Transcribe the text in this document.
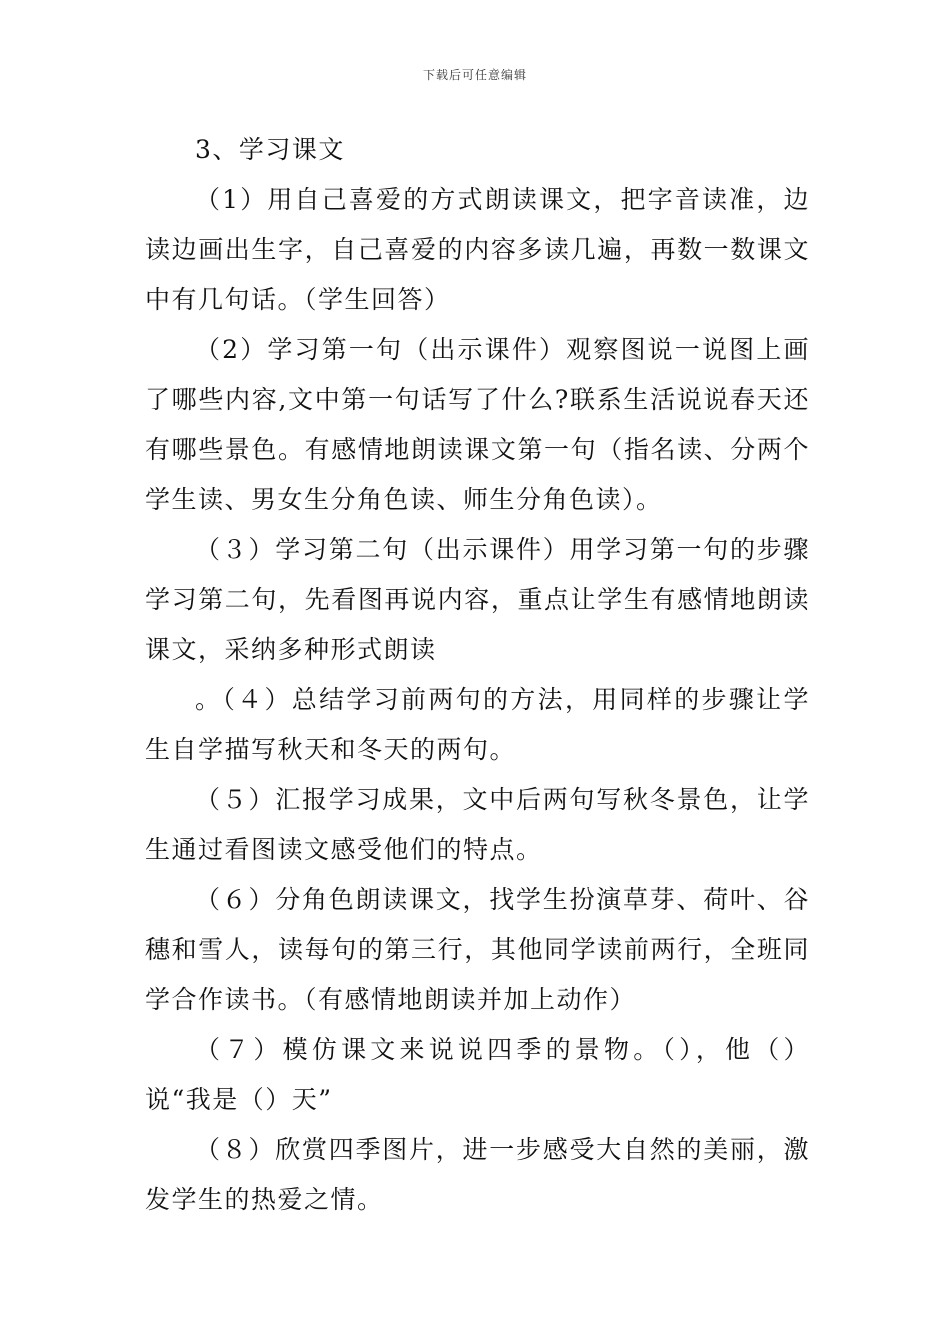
下载后可任意编辑

3、学习课文

（1）用自己喜爱的方式朗读课文，把字音读准，边读边画出生字，自己喜爱的内容多读几遍，再数一数课文中有几句话。（学生回答）

（2）学习第一句（出示课件）观察图说一说图上画了哪些内容,文中第一句话写了什么?联系生活说说春天还有哪些景色。有感情地朗读课文第一句（指名读、分两个学生读、男女生分角色读、师生分角色读）。

（３）学习第二句（出示课件）用学习第一句的步骤学习第二句，先看图再说内容，重点让学生有感情地朗读课文，采纳多种形式朗读

。（４）总结学习前两句的方法，用同样的步骤让学生自学描写秋天和冬天的两句。

（５）汇报学习成果，文中后两句写秋冬景色，让学生通过看图读文感受他们的特点。

（６）分角色朗读课文，找学生扮演草芽、荷叶、谷穗和雪人，读每句的第三行，其他同学读前两行，全班同学合作读书。（有感情地朗读并加上动作）

（７）模仿课文来说说四季的景物。（），他（）说“我是（）天”

（８）欣赏四季图片，进一步感受大自然的美丽，激发学生的热爱之情。
